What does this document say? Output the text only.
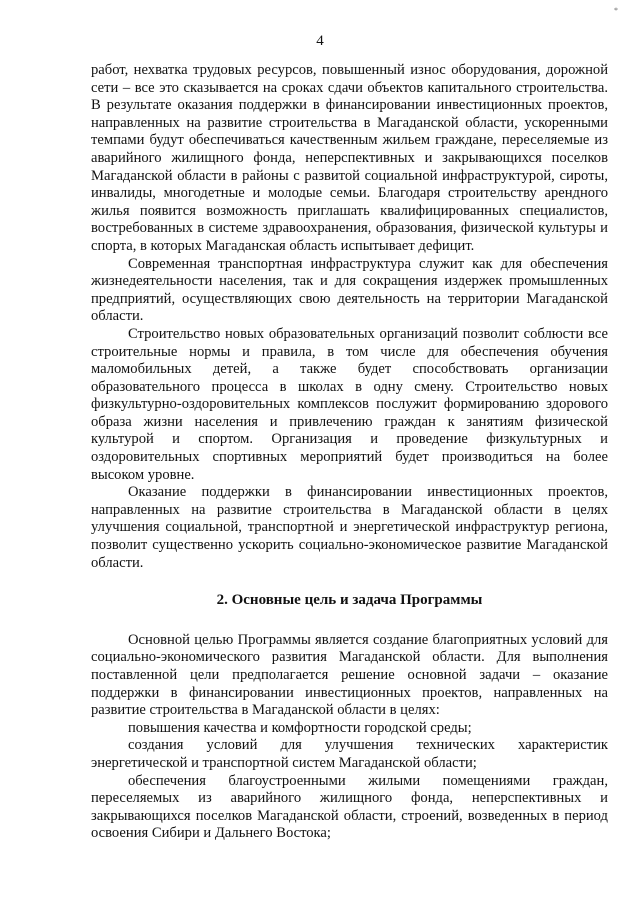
*
4

работ, нехватка трудовых ресурсов, повышенный износ оборудования, дорожной сети – все это сказывается на сроках сдачи объектов капитального строительства. В результате оказания поддержки в финансировании инвестиционных проектов, направленных на развитие строительства в Магаданской области, ускоренными темпами будут обеспечиваться качественным жильем граждане, переселяемые из аварийного жилищного фонда, неперспективных и закрывающихся поселков Магаданской области в районы с развитой социальной инфраструктурой, сироты, инвалиды, многодетные и молодые семьи. Благодаря строительству арендного жилья появится возможность приглашать квалифицированных специалистов, востребованных в системе здравоохранения, образования, физической культуры и спорта, в которых Магаданская область испытывает дефицит.

Современная транспортная инфраструктура служит как для обеспечения жизнедеятельности населения, так и для сокращения издержек промышленных предприятий, осуществляющих свою деятельность на территории Магаданской области.

Строительство новых образовательных организаций позволит соблюсти все строительные нормы и правила, в том числе для обеспечения обучения маломобильных детей, а также будет способствовать организации образовательного процесса в школах в одну смену. Строительство новых физкультурно-оздоровительных комплексов послужит формированию здорового образа жизни населения и привлечению граждан к занятиям физической культурой и спортом. Организация и проведение физкультурных и оздоровительных спортивных мероприятий будет производиться на более высоком уровне.

Оказание поддержки в финансировании инвестиционных проектов, направленных на развитие строительства в Магаданской области в целях улучшения социальной, транспортной и энергетической инфраструктур региона, позволит существенно ускорить социально-экономическое развитие Магаданской области.

2. Основные цель и задача Программы

Основной целью Программы является создание благоприятных условий для социально-экономического развития Магаданской области. Для выполнения поставленной цели предполагается решение основной задачи – оказание поддержки в финансировании инвестиционных проектов, направленных на развитие строительства в Магаданской области в целях:

повышения качества и комфортности городской среды;

создания условий для улучшения технических характеристик энергетической и транспортной систем Магаданской области;

обеспечения благоустроенными жилыми помещениями граждан, переселяемых из аварийного жилищного фонда, неперспективных и закрывающихся поселков Магаданской области, строений, возведенных в период освоения Сибири и Дальнего Востока;
